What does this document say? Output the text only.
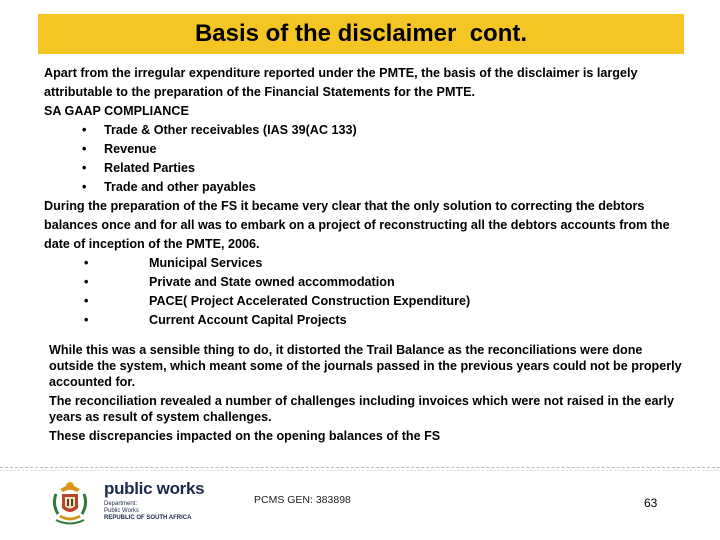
Basis of the disclaimer  cont.

Apart from the irregular expenditure reported under the PMTE, the basis of the disclaimer is largely attributable to the preparation of the Financial Statements for the PMTE.

SA GAAP COMPLIANCE

•	Trade & Other receivables (IAS 39(AC 133)
•	Revenue
•	Related Parties
•	Trade and other payables

During the preparation of the FS it became very clear that the only solution to correcting the debtors balances once and for all was to embark on a project of reconstructing all the debtors accounts from the date of inception of the PMTE, 2006.

•	Municipal Services
•	Private and State owned accommodation
•	PACE( Project Accelerated Construction Expenditure)
•	Current Account Capital Projects

While this was a sensible thing to do, it distorted the Trail Balance as the reconciliations were done outside the system, which meant some of the journals passed in the previous years could not be properly accounted for.

The reconciliation revealed a number of challenges including invoices which were not raised in the early years as result of system challenges.

These discrepancies impacted on the opening balances of the FS

public works
Department:
Public Works
REPUBLIC OF SOUTH AFRICA
PCMS GEN: 383898	63
